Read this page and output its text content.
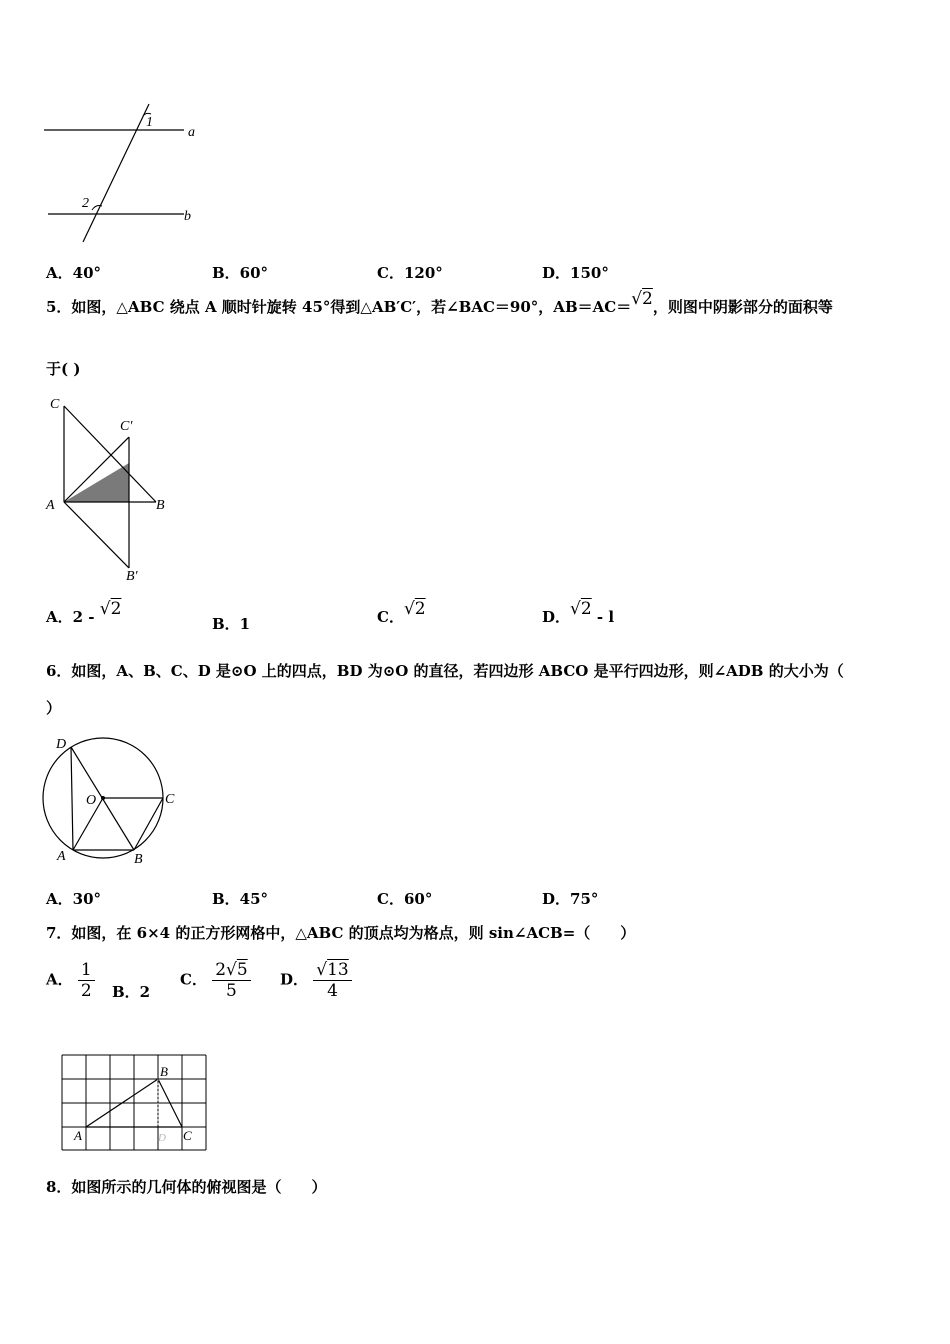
1
2
a
b
A．40°	B．60°	C．120°	D．150°
5．如图，△ABC 绕点 A 顺时针旋转 45°得到△AB′C′，若∠BAC＝90°，AB＝AC＝√2，则图中阴影部分的面积等
于( )
C
C′
A	B
B′
A．2 - √2
B．1	C．√2	D．√2 - l
6．如图，A、B、C、D 是⊙O 上的四点，BD 为⊙O 的直径，若四边形 ABCO 是平行四边形，则∠ADB 的大小为（
）
D
O	C
A	B
A．30°	B．45°	C．60°	D．75°
7．如图，在 6×4 的正方形网格中，△ABC 的顶点均为格点，则 sin∠ACB=（　　）
A． $\frac{1}{2}$ B．2
C． $\frac{2√5}{5}$ D． $\frac{√13}{4}$
A
B
C
D
8．如图所示的几何体的俯视图是（　　）
